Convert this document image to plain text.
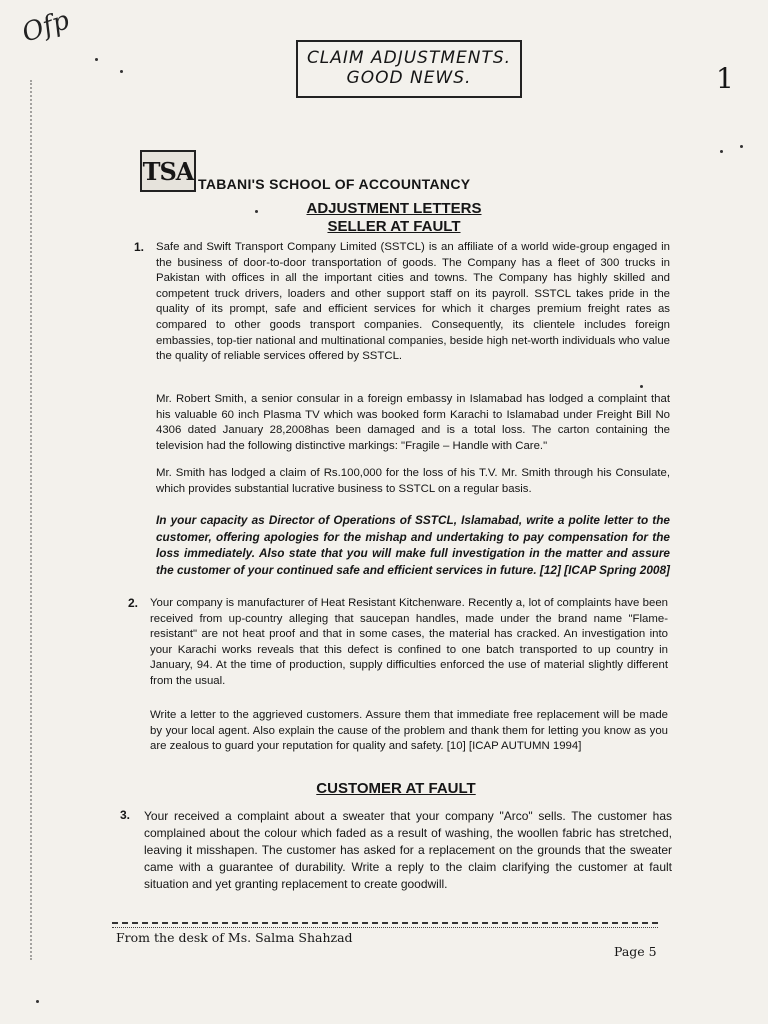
Ofp
CLAIM ADJUSTMENTS.
GOOD NEWS.	1
TSA TABANI'S SCHOOL OF ACCOUNTANCY
ADJUSTMENT LETTERS
SELLER AT FAULT
1. Safe and Swift Transport Company Limited (SSTCL) is an affiliate of a world wide-group engaged in the business of door-to-door transportation of goods. The Company has a fleet of 300 trucks in Pakistan with offices in all the important cities and towns. The Company has highly skilled and competent truck drivers, loaders and other support staff on its payroll. SSTCL takes pride in the quality of its prompt, safe and efficient services for which it charges premium freight rates as compared to other goods transport companies. Consequently, its clientele includes foreign embassies, top-tier national and multinational companies, beside high net-worth individuals who value the quality of reliable services offered by SSTCL.
Mr. Robert Smith, a senior consular in a foreign embassy in Islamabad has lodged a complaint that his valuable 60 inch Plasma TV which was booked form Karachi to Islamabad under Freight Bill No 4306 dated January 28,2008has been damaged and is a total loss. The carton containing the television had the following distinctive markings: "Fragile – Handle with Care."
Mr. Smith has lodged a claim of Rs.100,000 for the loss of his T.V. Mr. Smith through his Consulate, which provides substantial lucrative business to SSTCL on a regular basis.
In your capacity as Director of Operations of SSTCL, Islamabad, write a polite letter to the customer, offering apologies for the mishap and undertaking to pay compensation for the loss immediately. Also state that you will make full investigation in the matter and assure the customer of your continued safe and efficient services in future. [12] [ICAP Spring 2008]
2. Your company is manufacturer of Heat Resistant Kitchenware. Recently a, lot of complaints have been received from up-country alleging that saucepan handles, made under the brand name "Flame-resistant" are not heat proof and that in some cases, the material has cracked. An investigation into your Karachi works reveals that this defect is confined to one batch transported to up country in January, 94. At the time of production, supply difficulties enforced the use of material slightly different from the usual.
Write a letter to the aggrieved customers. Assure them that immediate free replacement will be made by your local agent. Also explain the cause of the problem and thank them for letting you know as you are zealous to guard your reputation for quality and safety. [10] [ICAP AUTUMN 1994]
CUSTOMER AT FAULT
3. Your received a complaint about a sweater that your company "Arco" sells. The customer has complained about the colour which faded as a result of washing, the woollen fabric has stretched, leaving it misshapen. The customer has asked for a replacement on the grounds that the sweater came with a guarantee of durability. Write a reply to the claim clarifying the customer at fault situation and yet granting replacement to create goodwill.
From the desk of Ms. Salma Shahzad
Page 5
